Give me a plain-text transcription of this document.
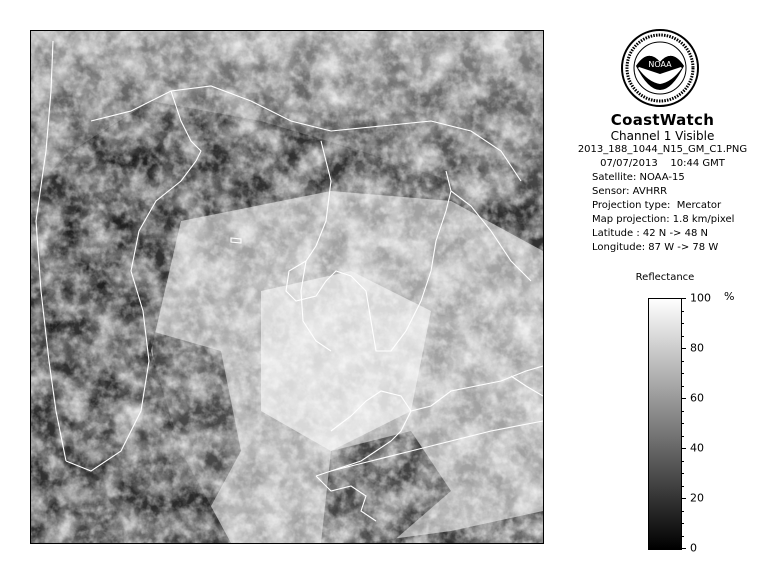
NOAA
CoastWatch
Channel 1 Visible
2013_188_1044_N15_GM_C1.PNG
07/07/2013    10:44 GMT
Satellite: NOAA-15
Sensor: AVHRR
Projection type:  Mercator
Map projection: 1.8 km/pixel
Latitude : 42 N -> 48 N
Longitude: 87 W -> 78 W
Reflectance
%
100
80
60
40
20
0
